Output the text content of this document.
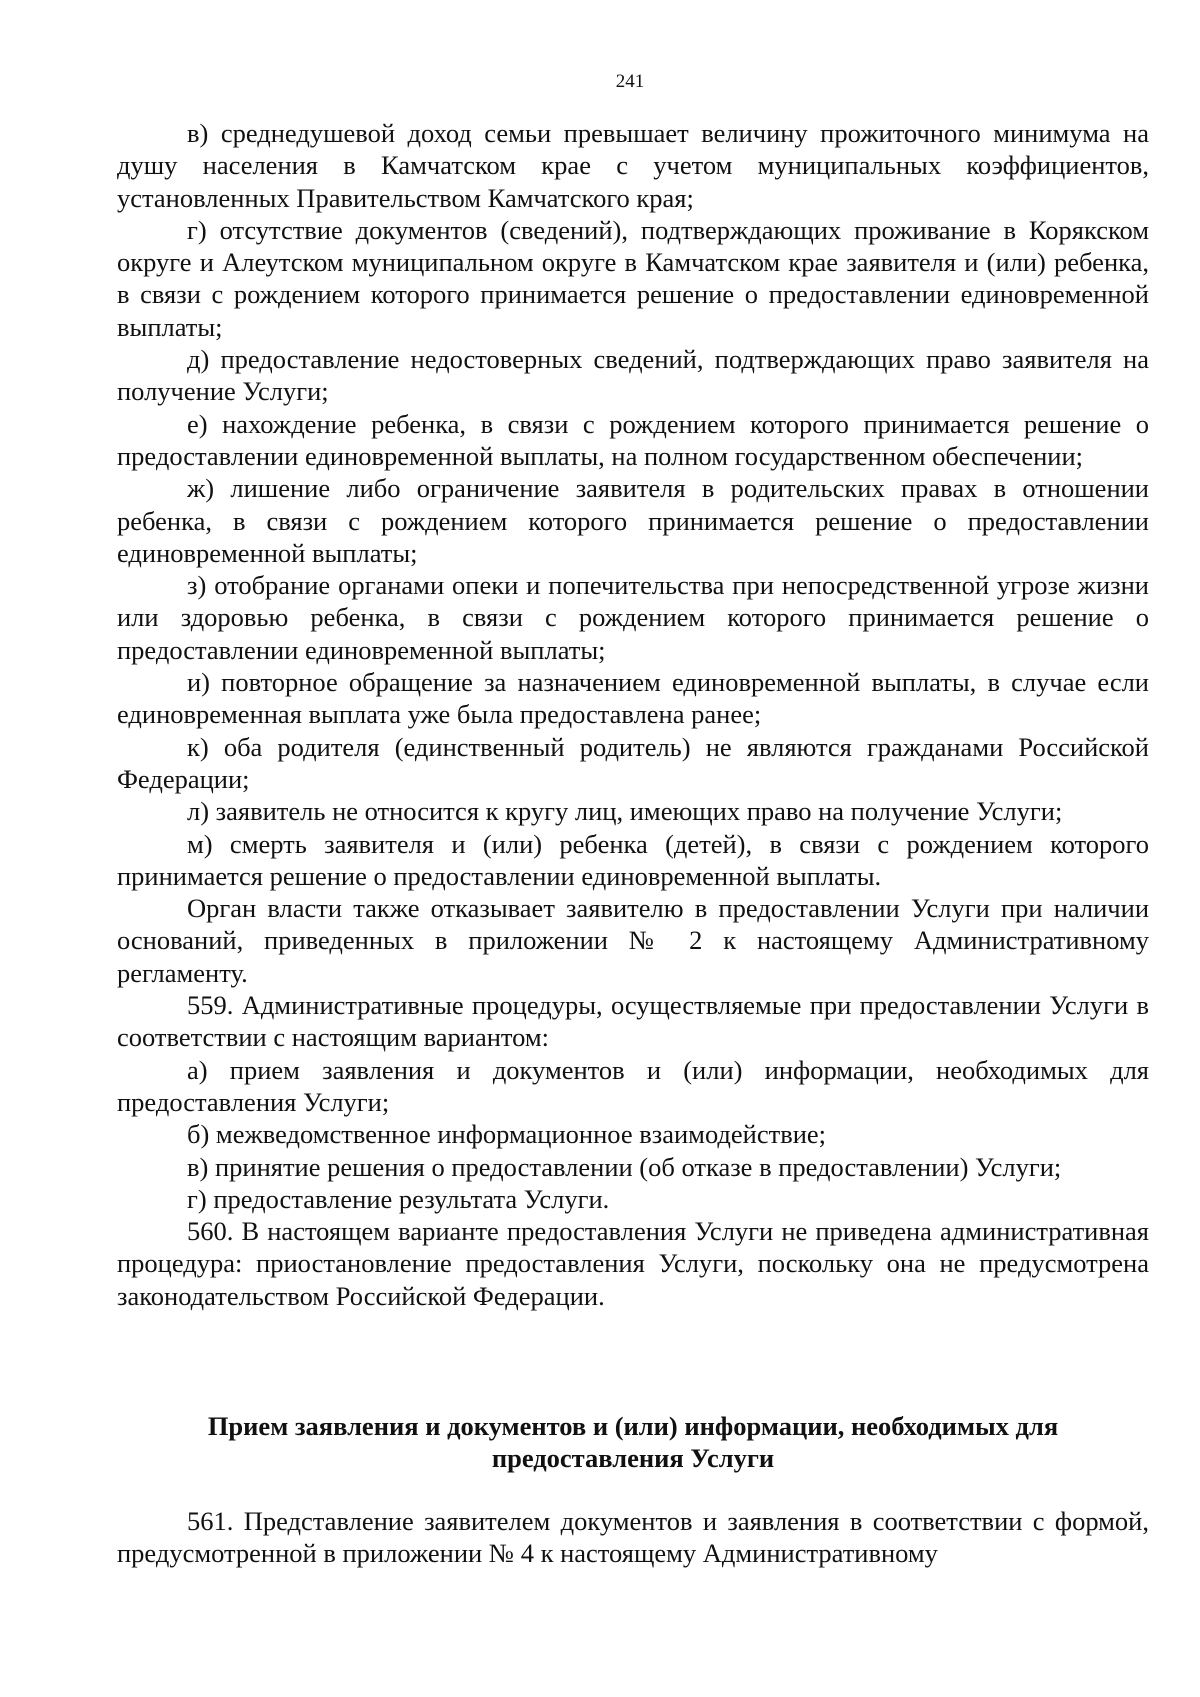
241

в) среднедушевой доход семьи превышает величину прожиточного минимума на душу населения в Камчатском крае с учетом муниципальных коэффициентов, установленных Правительством Камчатского края;

г) отсутствие документов (сведений), подтверждающих проживание в Корякском округе и Алеутском муниципальном округе в Камчатском крае заявителя и (или) ребенка, в связи с рождением которого принимается решение о предоставлении единовременной выплаты;

д) предоставление недостоверных сведений, подтверждающих право заявителя на получение Услуги;

е) нахождение ребенка, в связи с рождением которого принимается решение о предоставлении единовременной выплаты, на полном государственном обеспечении;

ж) лишение либо ограничение заявителя в родительских правах в отношении ребенка, в связи с рождением которого принимается решение о предоставлении единовременной выплаты;

з) отобрание органами опеки и попечительства при непосредственной угрозе жизни или здоровью ребенка, в связи с рождением которого принимается решение о предоставлении единовременной выплаты;

и) повторное обращение за назначением единовременной выплаты, в случае если единовременная выплата уже была предоставлена ранее;

к) оба родителя (единственный родитель) не являются гражданами Российской Федерации;

л) заявитель не относится к кругу лиц, имеющих право на получение Услуги;

м) смерть заявителя и (или) ребенка (детей), в связи с рождением которого принимается решение о предоставлении единовременной выплаты.

Орган власти также отказывает заявителю в предоставлении Услуги при наличии оснований, приведенных в приложении № 2 к настоящему Административному регламенту.

559. Административные процедуры, осуществляемые при предоставлении Услуги в соответствии с настоящим вариантом:

а) прием заявления и документов и (или) информации, необходимых для предоставления Услуги;

б) межведомственное информационное взаимодействие;

в) принятие решения о предоставлении (об отказе в предоставлении) Услуги;

г) предоставление результата Услуги.

560. В настоящем варианте предоставления Услуги не приведена административная процедура: приостановление предоставления Услуги, поскольку она не предусмотрена законодательством Российской Федерации.

Прием заявления и документов и (или) информации, необходимых для предоставления Услуги

561. Представление заявителем документов и заявления в соответствии с формой, предусмотренной в приложении № 4 к настоящему Административному
